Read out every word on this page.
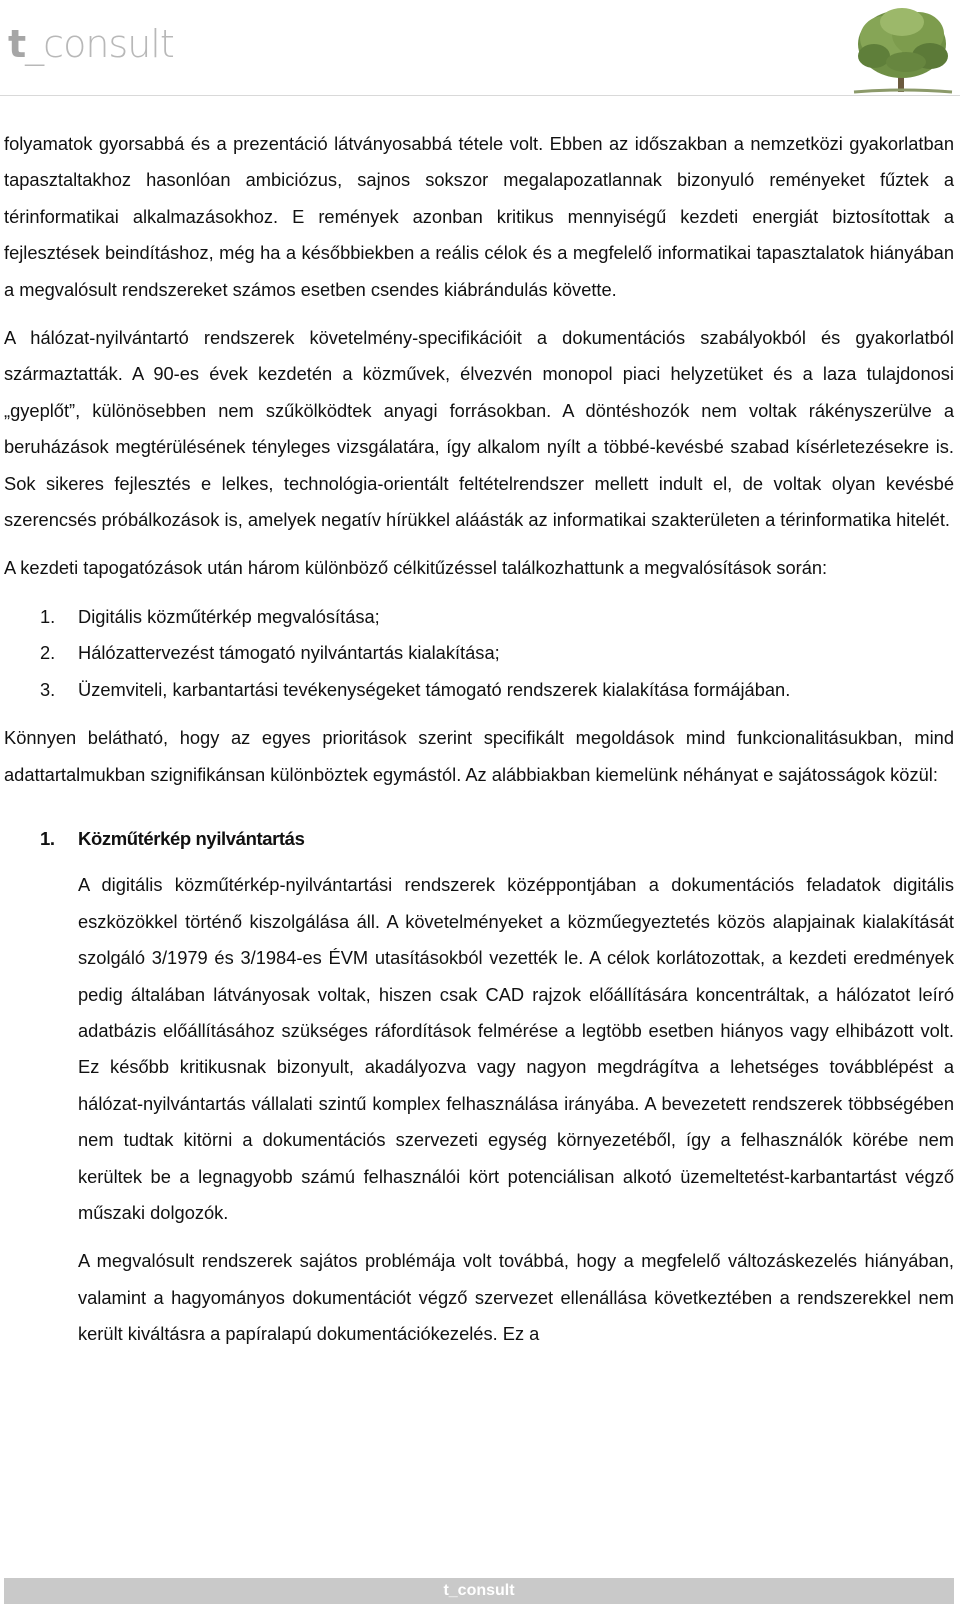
t_consult

folyamatok gyorsabbá és a prezentáció látványosabbá tétele volt. Ebben az időszakban a nemzetközi gyakorlatban tapasztaltakhoz hasonlóan ambiciózus, sajnos sokszor megalapozatlannak bizonyuló reményeket fűztek a térinformatikai alkalmazásokhoz. E remények azonban kritikus mennyiségű kezdeti energiát biztosítottak a fejlesztések beindításhoz, még ha a későbbiekben a reális célok és a megfelelő informatikai tapasztalatok hiányában a megvalósult rendszereket számos esetben csendes kiábrándulás követte.

A hálózat-nyilvántartó rendszerek követelmény-specifikációit a dokumentációs szabályokból és gyakorlatból származtatták. A 90-es évek kezdetén a közművek, élvezvén monopol piaci helyzetüket és a laza tulajdonosi „gyeplőt”, különösebben nem szűkölködtek anyagi forrásokban. A döntéshozók nem voltak rákényszerülve a beruházások megtérülésének tényleges vizsgálatára, így alkalom nyílt a többé-kevésbé szabad kísérletezésekre is. Sok sikeres fejlesztés e lelkes, technológia-orientált feltételrendszer mellett indult el, de voltak olyan kevésbé szerencsés próbálkozások is, amelyek negatív hírükkel aláásták az informatikai szakterületen a térinformatika hitelét.

A kezdeti tapogatózások után három különböző célkitűzéssel találkozhattunk a megvalósítások során:

1. Digitális közműtérkép megvalósítása;
2. Hálózattervezést támogató nyilvántartás kialakítása;
3. Üzemviteli, karbantartási tevékenységeket támogató rendszerek kialakítása formájában.

Könnyen belátható, hogy az egyes prioritások szerint specifikált megoldások mind funkcionalitásukban, mind adattartalmukban szignifikánsan különböztek egymástól. Az alábbiakban kiemelünk néhányat e sajátosságok közül:

1. Közműtérkép nyilvántartás

A digitális közműtérkép-nyilvántartási rendszerek középpontjában a dokumentációs feladatok digitális eszközökkel történő kiszolgálása áll. A követelményeket a közműegyeztetés közös alapjainak kialakítását szolgáló 3/1979 és 3/1984-es ÉVM utasításokból vezették le. A célok korlátozottak, a kezdeti eredmények pedig általában látványosak voltak, hiszen csak CAD rajzok előállítására koncentráltak, a hálózatot leíró adatbázis előállításához szükséges ráfordítások felmérése a legtöbb esetben hiányos vagy elhibázott volt. Ez később kritikusnak bizonyult, akadályozva vagy nagyon megdrágítva a lehetséges továbblépést a hálózat-nyilvántartás vállalati szintű komplex felhasználása irányába. A bevezetett rendszerek többségében nem tudtak kitörni a dokumentációs szervezeti egység környezetéből, így a felhasználók körébe nem kerültek be a legnagyobb számú felhasználói kört potenciálisan alkotó üzemeltetést-karbantartást végző műszaki dolgozók.

A megvalósult rendszerek sajátos problémája volt továbbá, hogy a megfelelő változáskezelés hiányában, valamint a hagyományos dokumentációt végző szervezet ellenállása következtében a rendszerekkel nem került kiváltásra a papíralapú dokumentációkezelés. Ez a

t_consult
